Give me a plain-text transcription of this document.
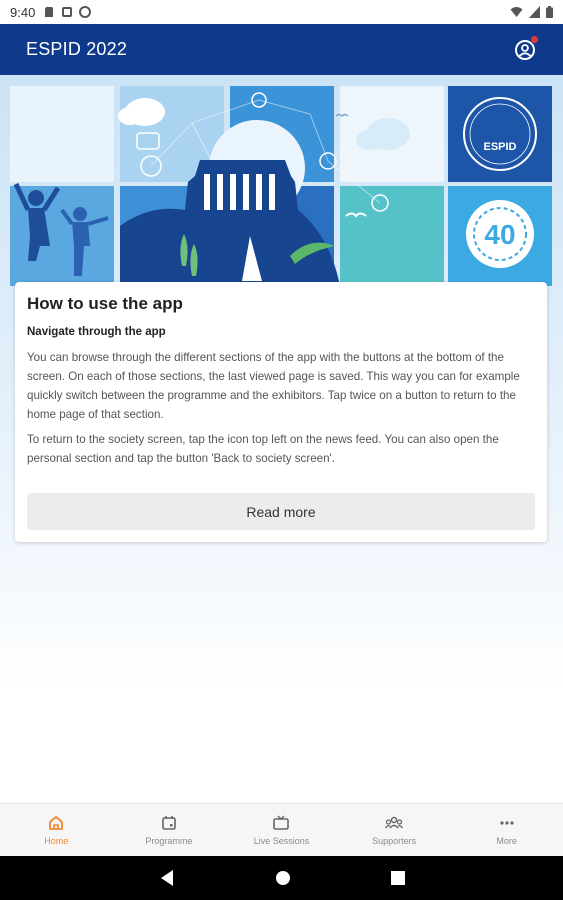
9:40
ESPID 2022
ESPID
40
How to use the app
Navigate through the app

You can browse through the different sections of the app with the buttons at the bottom of the screen. On each of those sections, the last viewed page is saved. This way you can for example quickly switch between the programme and the exhibitors. Tap twice on a button to return to the home page of that section.

To return to the society screen, tap the icon top left on the news feed. You can also open the personal section and tap the button 'Back to society screen'.

Read more
Home	Programme	Live Sessions	Supporters	More
